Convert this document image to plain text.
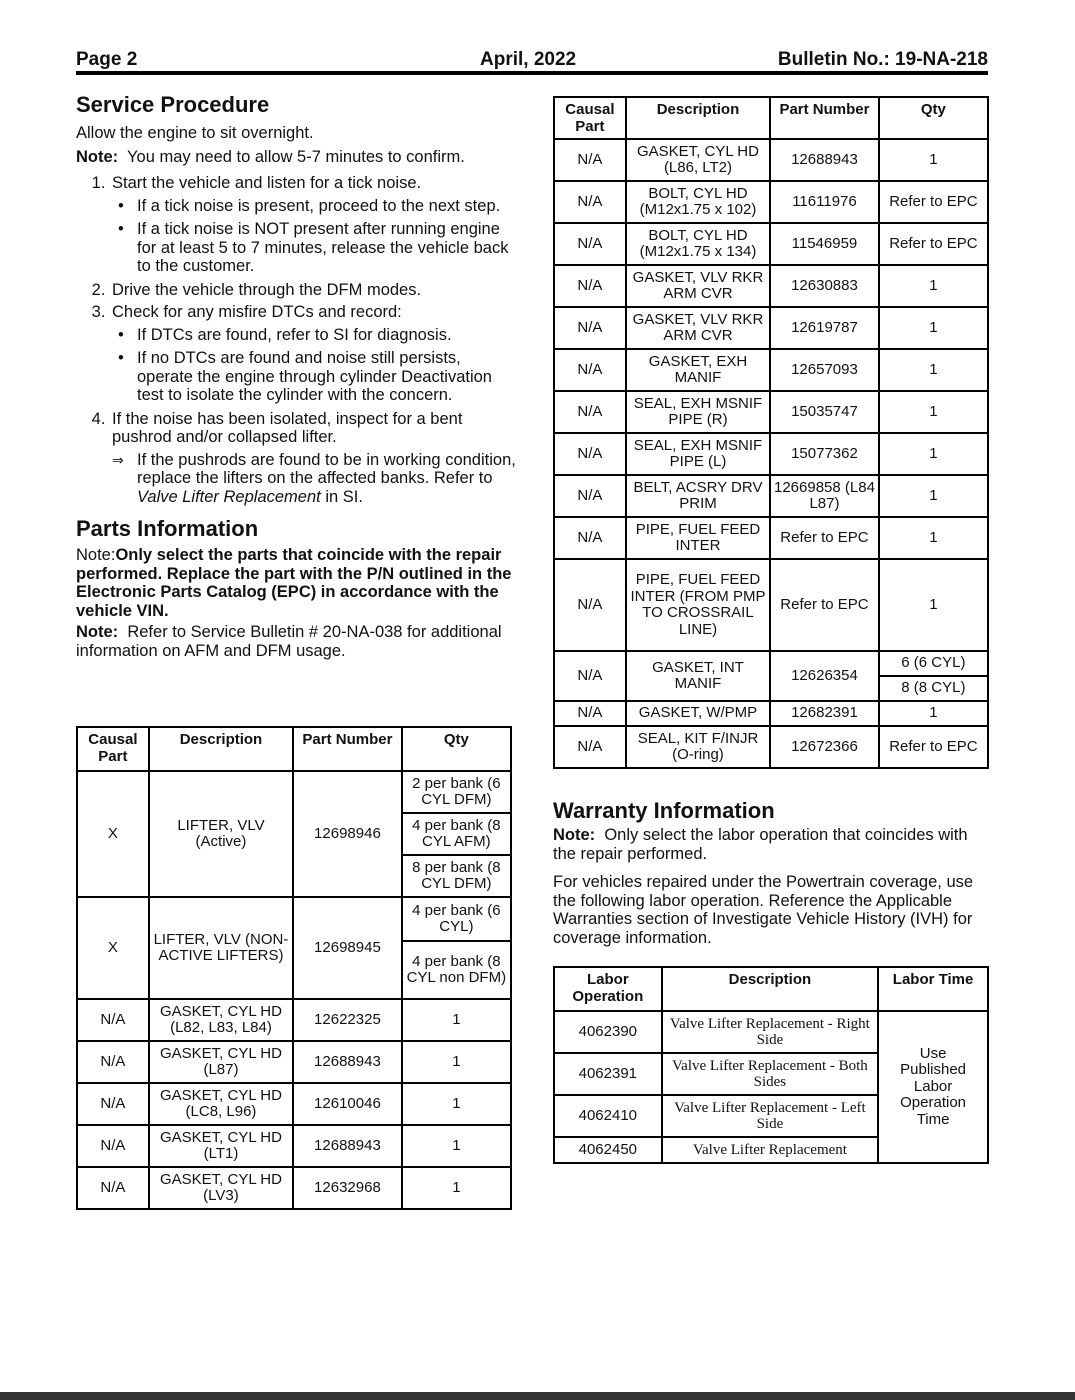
Page 2	April, 2022	Bulletin No.: 19-NA-218
Service Procedure

Allow the engine to sit overnight.

Note: You may need to allow 5-7 minutes to confirm.

1. Start the vehicle and listen for a tick noise.
• If a tick noise is present, proceed to the next step.
• If a tick noise is NOT present after running engine for at least 5 to 7 minutes, release the vehicle back to the customer.
2. Drive the vehicle through the DFM modes.
3. Check for any misfire DTCs and record:
• If DTCs are found, refer to SI for diagnosis.
• If no DTCs are found and noise still persists, operate the engine through cylinder Deactivation test to isolate the cylinder with the concern.
4. If the noise has been isolated, inspect for a bent pushrod and/or collapsed lifter.
⇒ If the pushrods are found to be in working condition, replace the lifters on the affected banks. Refer to Valve Lifter Replacement in SI.
Parts Information

Note:Only select the parts that coincide with the repair performed. Replace the part with the P/N outlined in the Electronic Parts Catalog (EPC) in accordance with the vehicle VIN.

Note: Refer to Service Bulletin # 20-NA-038 for additional information on AFM and DFM usage.

Causal Part	Description	Part Number	Qty
X	LIFTER, VLV (Active)	12698946	2 per bank (6 CYL DFM)
			4 per bank (8 CYL AFM)
			8 per bank (8 CYL DFM)
X	LIFTER, VLV (NON-ACTIVE LIFTERS)	12698945	4 per bank (6 CYL)
			4 per bank (8 CYL non DFM)
N/A	GASKET, CYL HD (L82, L83, L84)	12622325	1
N/A	GASKET, CYL HD (L87)	12688943	1
N/A	GASKET, CYL HD (LC8, L96)	12610046	1
N/A	GASKET, CYL HD (LT1)	12688943	1
N/A	GASKET, CYL HD (LV3)	12632968	1
Causal Part	Description	Part Number	Qty
N/A	GASKET, CYL HD (L86, LT2)	12688943	1
N/A	BOLT, CYL HD (M12x1.75 x 102)	11611976	Refer to EPC
N/A	BOLT, CYL HD (M12x1.75 x 134)	11546959	Refer to EPC
N/A	GASKET, VLV RKR ARM CVR	12630883	1
N/A	GASKET, VLV RKR ARM CVR	12619787	1
N/A	GASKET, EXH MANIF	12657093	1
N/A	SEAL, EXH MSNIF PIPE (R)	15035747	1
N/A	SEAL, EXH MSNIF PIPE (L)	15077362	1
N/A	BELT, ACSRY DRV PRIM	12669858 (L84 L87)	1
N/A	PIPE, FUEL FEED INTER	Refer to EPC	1
N/A	PIPE, FUEL FEED INTER (FROM PMP TO CROSSRAIL LINE)	Refer to EPC	1
N/A	GASKET, INT MANIF	12626354	6 (6 CYL)
			8 (8 CYL)
N/A	GASKET, W/PMP	12682391	1
N/A	SEAL, KIT F/INJR (O-ring)	12672366	Refer to EPC
Warranty Information

Note: Only select the labor operation that coincides with the repair performed.

For vehicles repaired under the Powertrain coverage, use the following labor operation. Reference the Applicable Warranties section of Investigate Vehicle History (IVH) for coverage information.

Labor Operation	Description	Labor Time
4062390	Valve Lifter Replacement - Right Side	Use Published Labor Operation Time
4062391	Valve Lifter Replacement - Both Sides	
4062410	Valve Lifter Replacement - Left Side	
4062450	Valve Lifter Replacement	
